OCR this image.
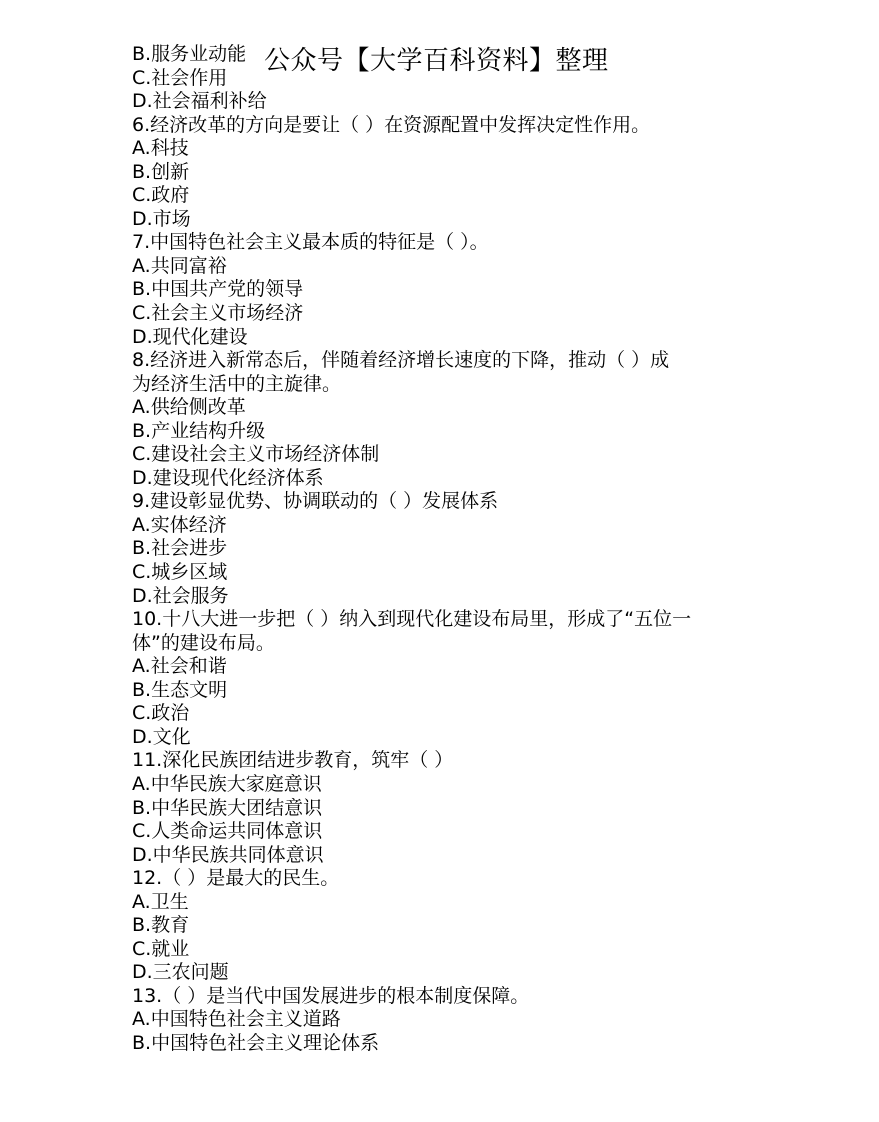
B.服务业动能
C.社会作用
D.社会福利补给
6.经济改革的方向是要让（ ）在资源配置中发挥决定性作用。
A.科技
B.创新
C.政府
D.市场
7.中国特色社会主义最本质的特征是（ ）。
A.共同富裕
B.中国共产党的领导
C.社会主义市场经济
D.现代化建设
8.经济进入新常态后，伴随着经济增长速度的下降，推动（ ）成
为经济生活中的主旋律。
A.供给侧改革
B.产业结构升级
C.建设社会主义市场经济体制
D.建设现代化经济体系
9.建设彰显优势、协调联动的（ ）发展体系
A.实体经济
B.社会进步
C.城乡区域
D.社会服务
10.十八大进一步把（ ）纳入到现代化建设布局里，形成了“五位一
体”的建设布局。
A.社会和谐
B.生态文明
C.政治
D.文化
11.深化民族团结进步教育，筑牢（ ）
A.中华民族大家庭意识
B.中华民族大团结意识
C.人类命运共同体意识
D.中华民族共同体意识
12.（ ）是最大的民生。
A.卫生
B.教育
C.就业
D.三农问题
13.（ ）是当代中国发展进步的根本制度保障。
A.中国特色社会主义道路
B.中国特色社会主义理论体系
公众号【大学百科资料】整理
